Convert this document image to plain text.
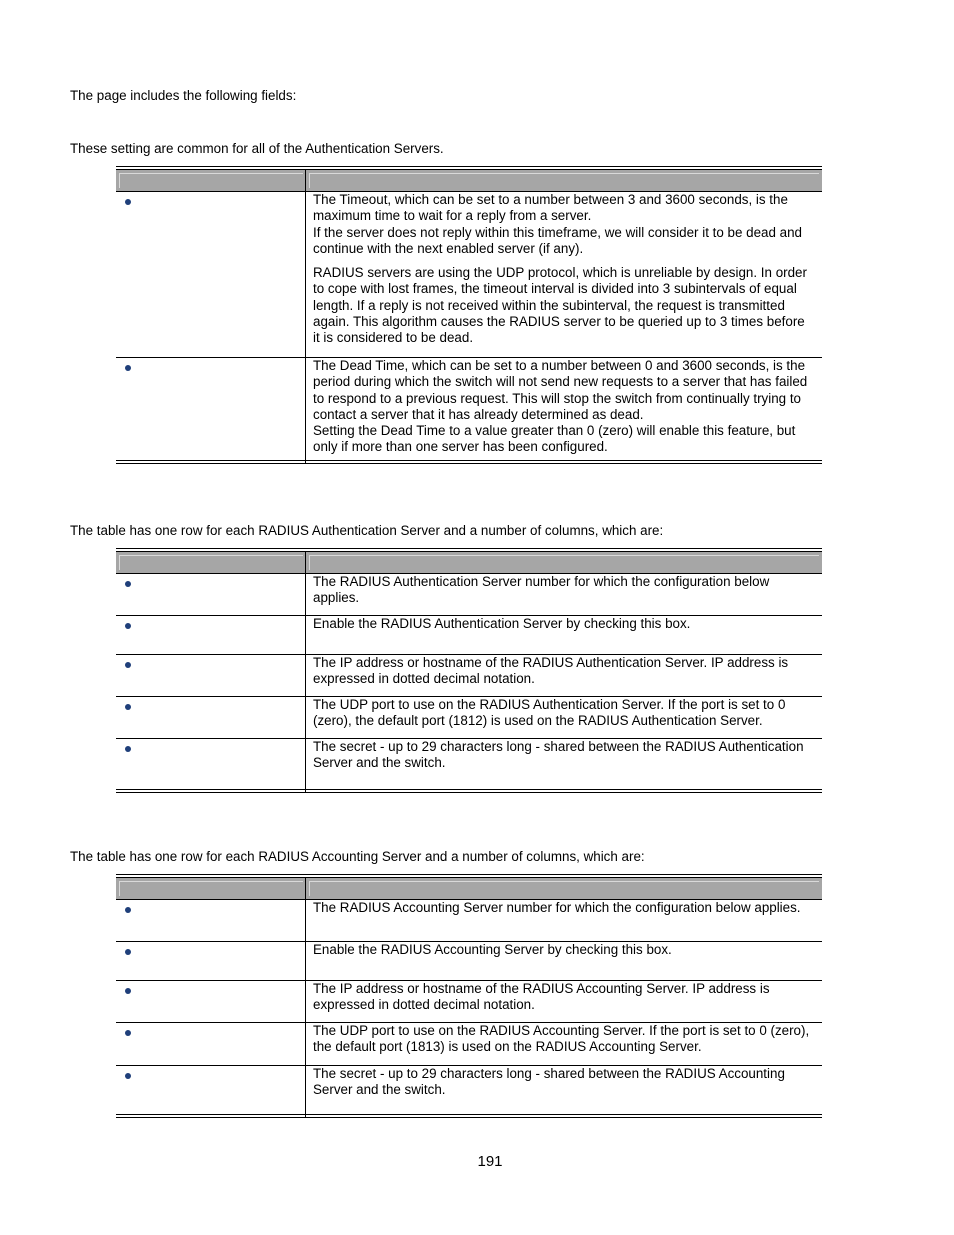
The page includes the following fields:

These setting are common for all of the Authentication Servers.

The Timeout, which can be set to a number between 3 and 3600 seconds, is the maximum time to wait for a reply from a server.

If the server does not reply within this timeframe, we will consider it to be dead and continue with the next enabled server (if any).

RADIUS servers are using the UDP protocol, which is unreliable by design. In order to cope with lost frames, the timeout interval is divided into 3 subintervals of equal length. If a reply is not received within the subinterval, the request is transmitted again. This algorithm causes the RADIUS server to be queried up to 3 times before it is considered to be dead.

The Dead Time, which can be set to a number between 0 and 3600 seconds, is the period during which the switch will not send new requests to a server that has failed to respond to a previous request. This will stop the switch from continually trying to contact a server that it has already determined as dead.

Setting the Dead Time to a value greater than 0 (zero) will enable this feature, but only if more than one server has been configured.

The table has one row for each RADIUS Authentication Server and a number of columns, which are:

The RADIUS Authentication Server number for which the configuration below applies.
Enable the RADIUS Authentication Server by checking this box.
The IP address or hostname of the RADIUS Authentication Server. IP address is expressed in dotted decimal notation.
The UDP port to use on the RADIUS Authentication Server. If the port is set to 0 (zero), the default port (1812) is used on the RADIUS Authentication Server.
The secret - up to 29 characters long - shared between the RADIUS Authentication Server and the switch.

The table has one row for each RADIUS Accounting Server and a number of columns, which are:

The RADIUS Accounting Server number for which the configuration below applies.
Enable the RADIUS Accounting Server by checking this box.
The IP address or hostname of the RADIUS Accounting Server. IP address is expressed in dotted decimal notation.
The UDP port to use on the RADIUS Accounting Server. If the port is set to 0 (zero), the default port (1813) is used on the RADIUS Accounting Server.
The secret - up to 29 characters long - shared between the RADIUS Accounting Server and the switch.
191
